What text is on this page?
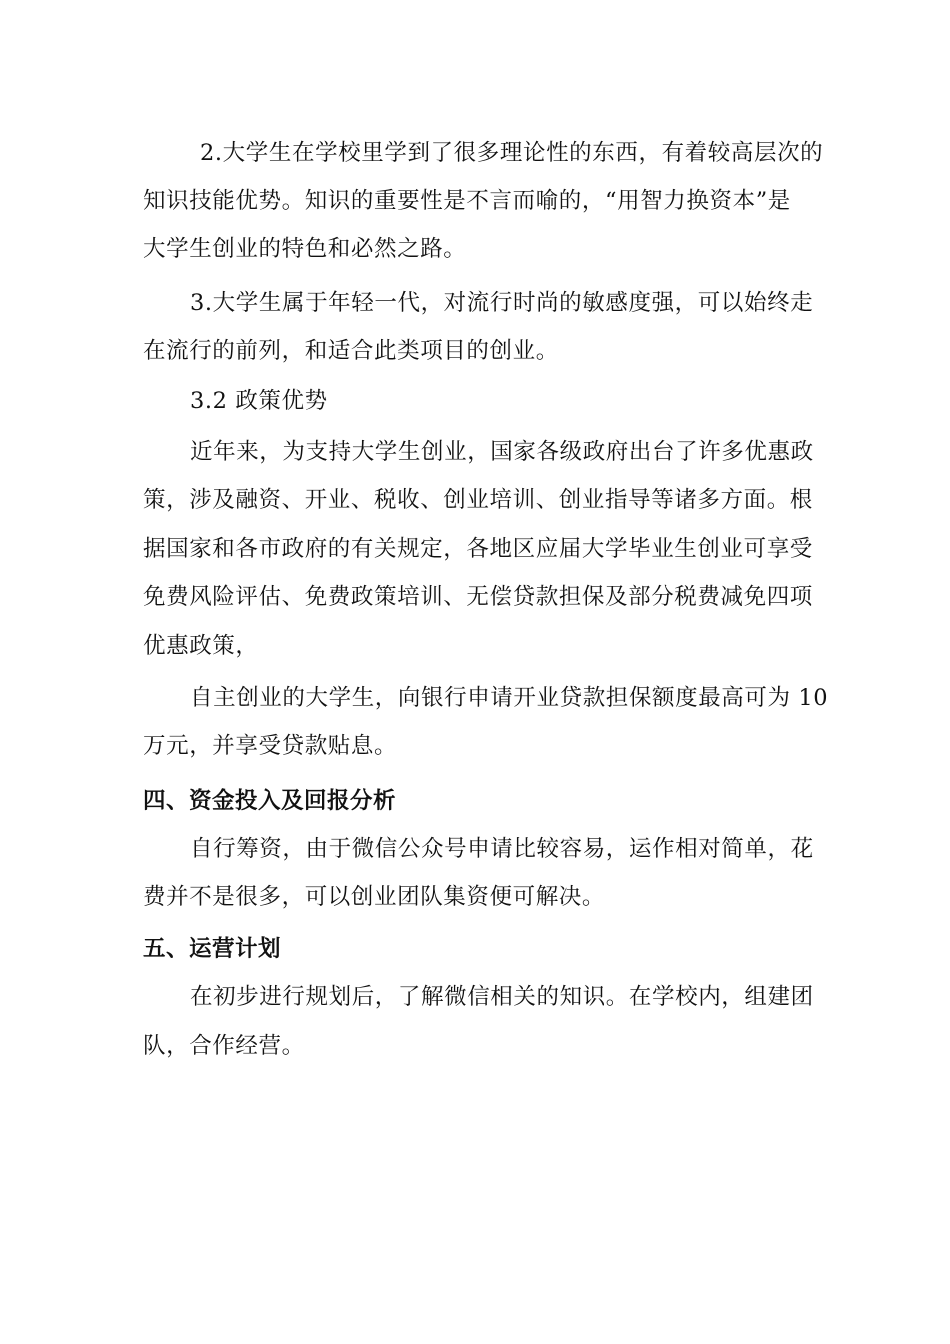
2.大学生在学校里学到了很多理论性的东西，有着较高层次的
知识技能优势。知识的重要性是不言而喻的，“用智力换资本”是
大学生创业的特色和必然之路。
3.大学生属于年轻一代，对流行时尚的敏感度强，可以始终走
在流行的前列，和适合此类项目的创业。
3.2 政策优势
近年来，为支持大学生创业，国家各级政府出台了许多优惠政
策，涉及融资、开业、税收、创业培训、创业指导等诸多方面。根
据国家和各市政府的有关规定，各地区应届大学毕业生创业可享受
免费风险评估、免费政策培训、无偿贷款担保及部分税费减免四项
优惠政策，
自主创业的大学生，向银行申请开业贷款担保额度最高可为 10
万元，并享受贷款贴息。
四、资金投入及回报分析
自行筹资，由于微信公众号申请比较容易，运作相对简单，花
费并不是很多，可以创业团队集资便可解决。
五、运营计划
在初步进行规划后，了解微信相关的知识。在学校内，组建团
队，合作经营。
